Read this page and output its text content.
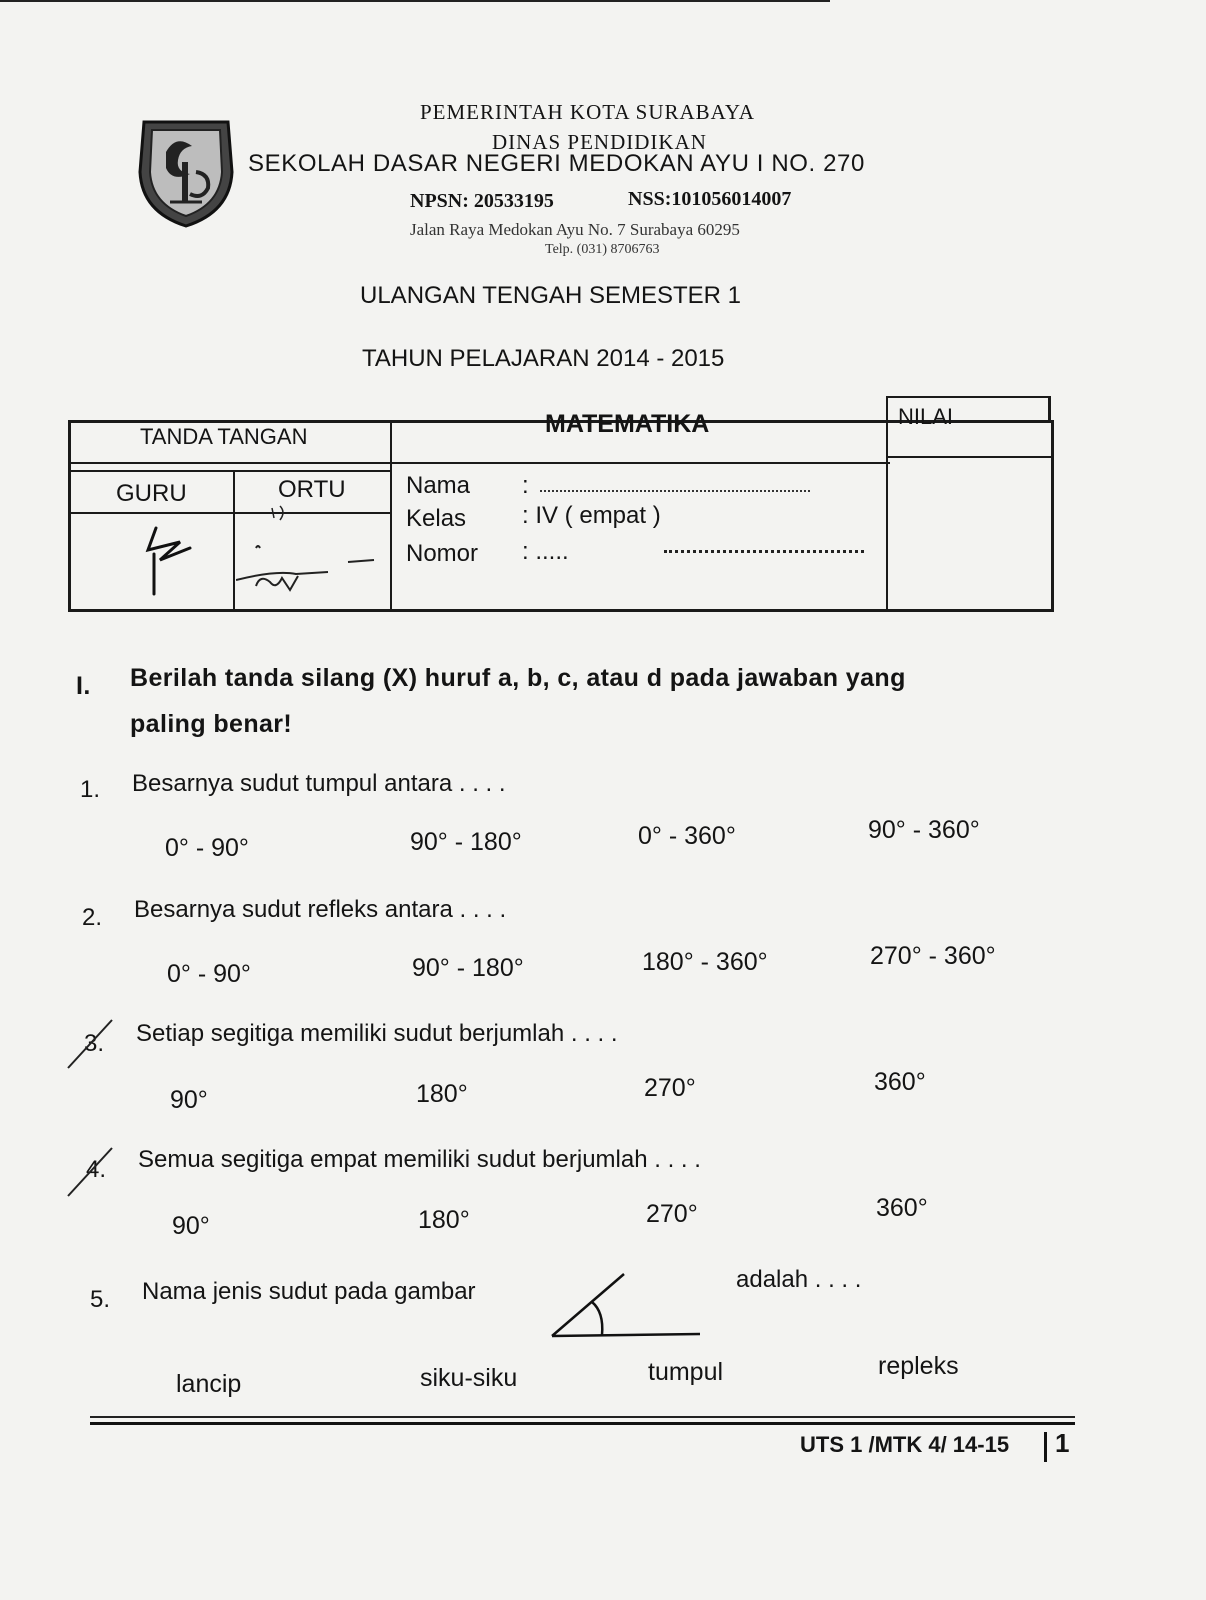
PEMERINTAH KOTA SURABAYA
DINAS PENDIDIKAN
SEKOLAH DASAR NEGERI MEDOKAN AYU I NO. 270
NPSN: 20533195	NSS:101056014007
Jalan Raya Medokan Ayu No. 7 Surabaya 60295
Telp. (031) 8706763
ULANGAN TENGAH SEMESTER 1
TAHUN PELAJARAN 2014 - 2015
TANDA TANGAN	MATEMATIKA	NILAI
GURU	ORTU	Nama :
Kelas : IV ( empat )
Nomor : .....
I. Berilah tanda silang (X) huruf a, b, c, atau d pada jawaban yang
paling benar!
1. Besarnya sudut tumpul antara . . . .
0° - 90°	90° - 180°	0° - 360°	90° - 360°
2. Besarnya sudut refleks antara . . . .
0° - 90°	90° - 180°	180° - 360°	270° - 360°
3. Setiap segitiga memiliki sudut berjumlah . . . .
90°	180°	270°	360°
4. Semua segitiga empat memiliki sudut berjumlah . . . .
90°	180°	270°	360°
5. Nama jenis sudut pada gambar	adalah . . . .
lancip	siku-siku	tumpul	repleks
UTS 1 /MTK 4/ 14-15 1
